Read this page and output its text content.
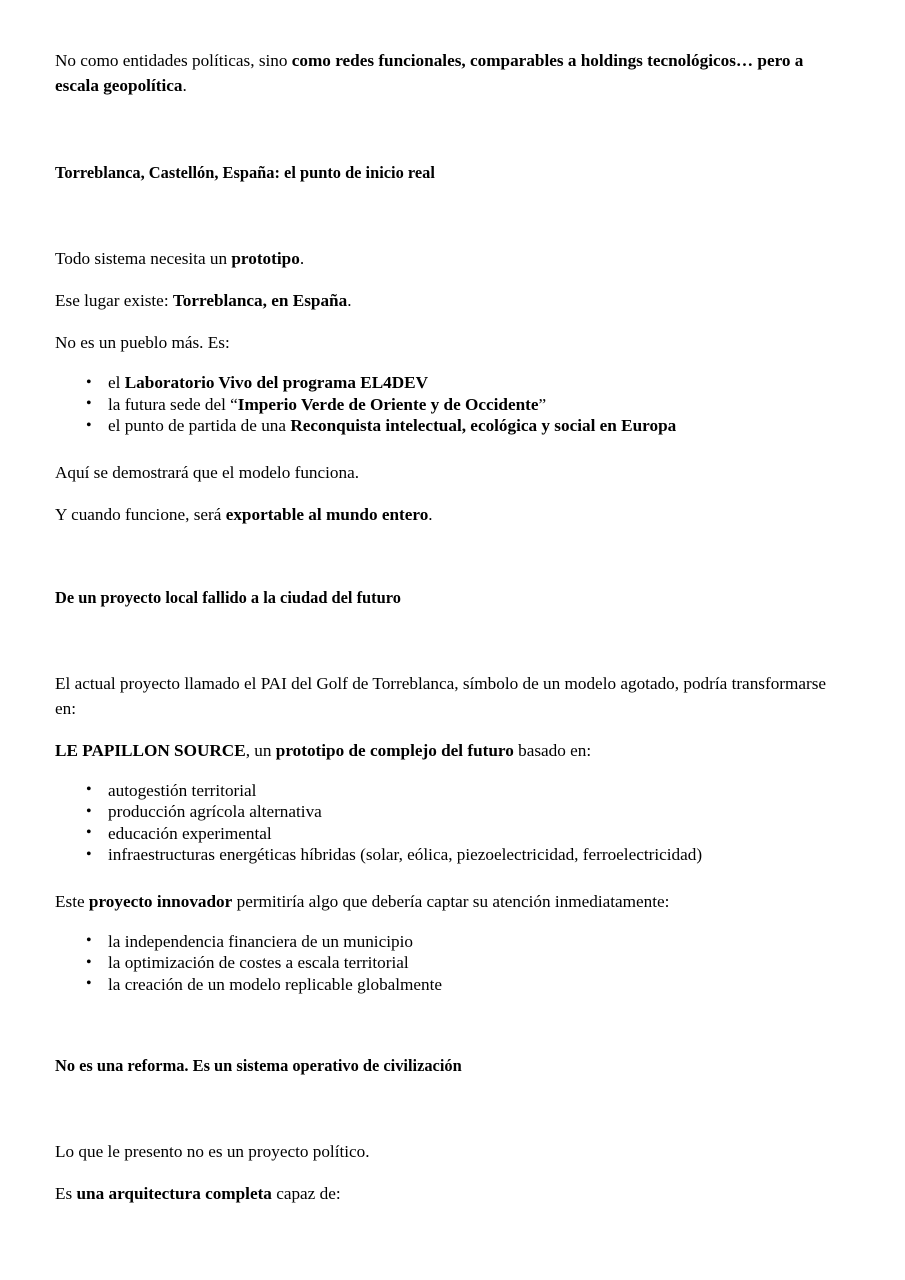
No como entidades políticas, sino como redes funcionales, comparables a holdings tecnológicos… pero a escala geopolítica.

Torreblanca, Castellón, España: el punto de inicio real

Todo sistema necesita un prototipo.

Ese lugar existe: Torreblanca, en España.

No es un pueblo más. Es:

• el Laboratorio Vivo del programa EL4DEV
• la futura sede del “Imperio Verde de Oriente y de Occidente”
• el punto de partida de una Reconquista intelectual, ecológica y social en Europa

Aquí se demostrará que el modelo funciona.

Y cuando funcione, será exportable al mundo entero.

De un proyecto local fallido a la ciudad del futuro

El actual proyecto llamado el PAI del Golf de Torreblanca, símbolo de un modelo agotado, podría transformarse en:

LE PAPILLON SOURCE, un prototipo de complejo del futuro basado en:

• autogestión territorial
• producción agrícola alternativa
• educación experimental
• infraestructuras energéticas híbridas (solar, eólica, piezoelectricidad, ferroelectricidad)

Este proyecto innovador permitiría algo que debería captar su atención inmediatamente:

• la independencia financiera de un municipio
• la optimización de costes a escala territorial
• la creación de un modelo replicable globalmente
No es una reforma. Es un sistema operativo de civilización

Lo que le presento no es un proyecto político.

Es una arquitectura completa capaz de:
